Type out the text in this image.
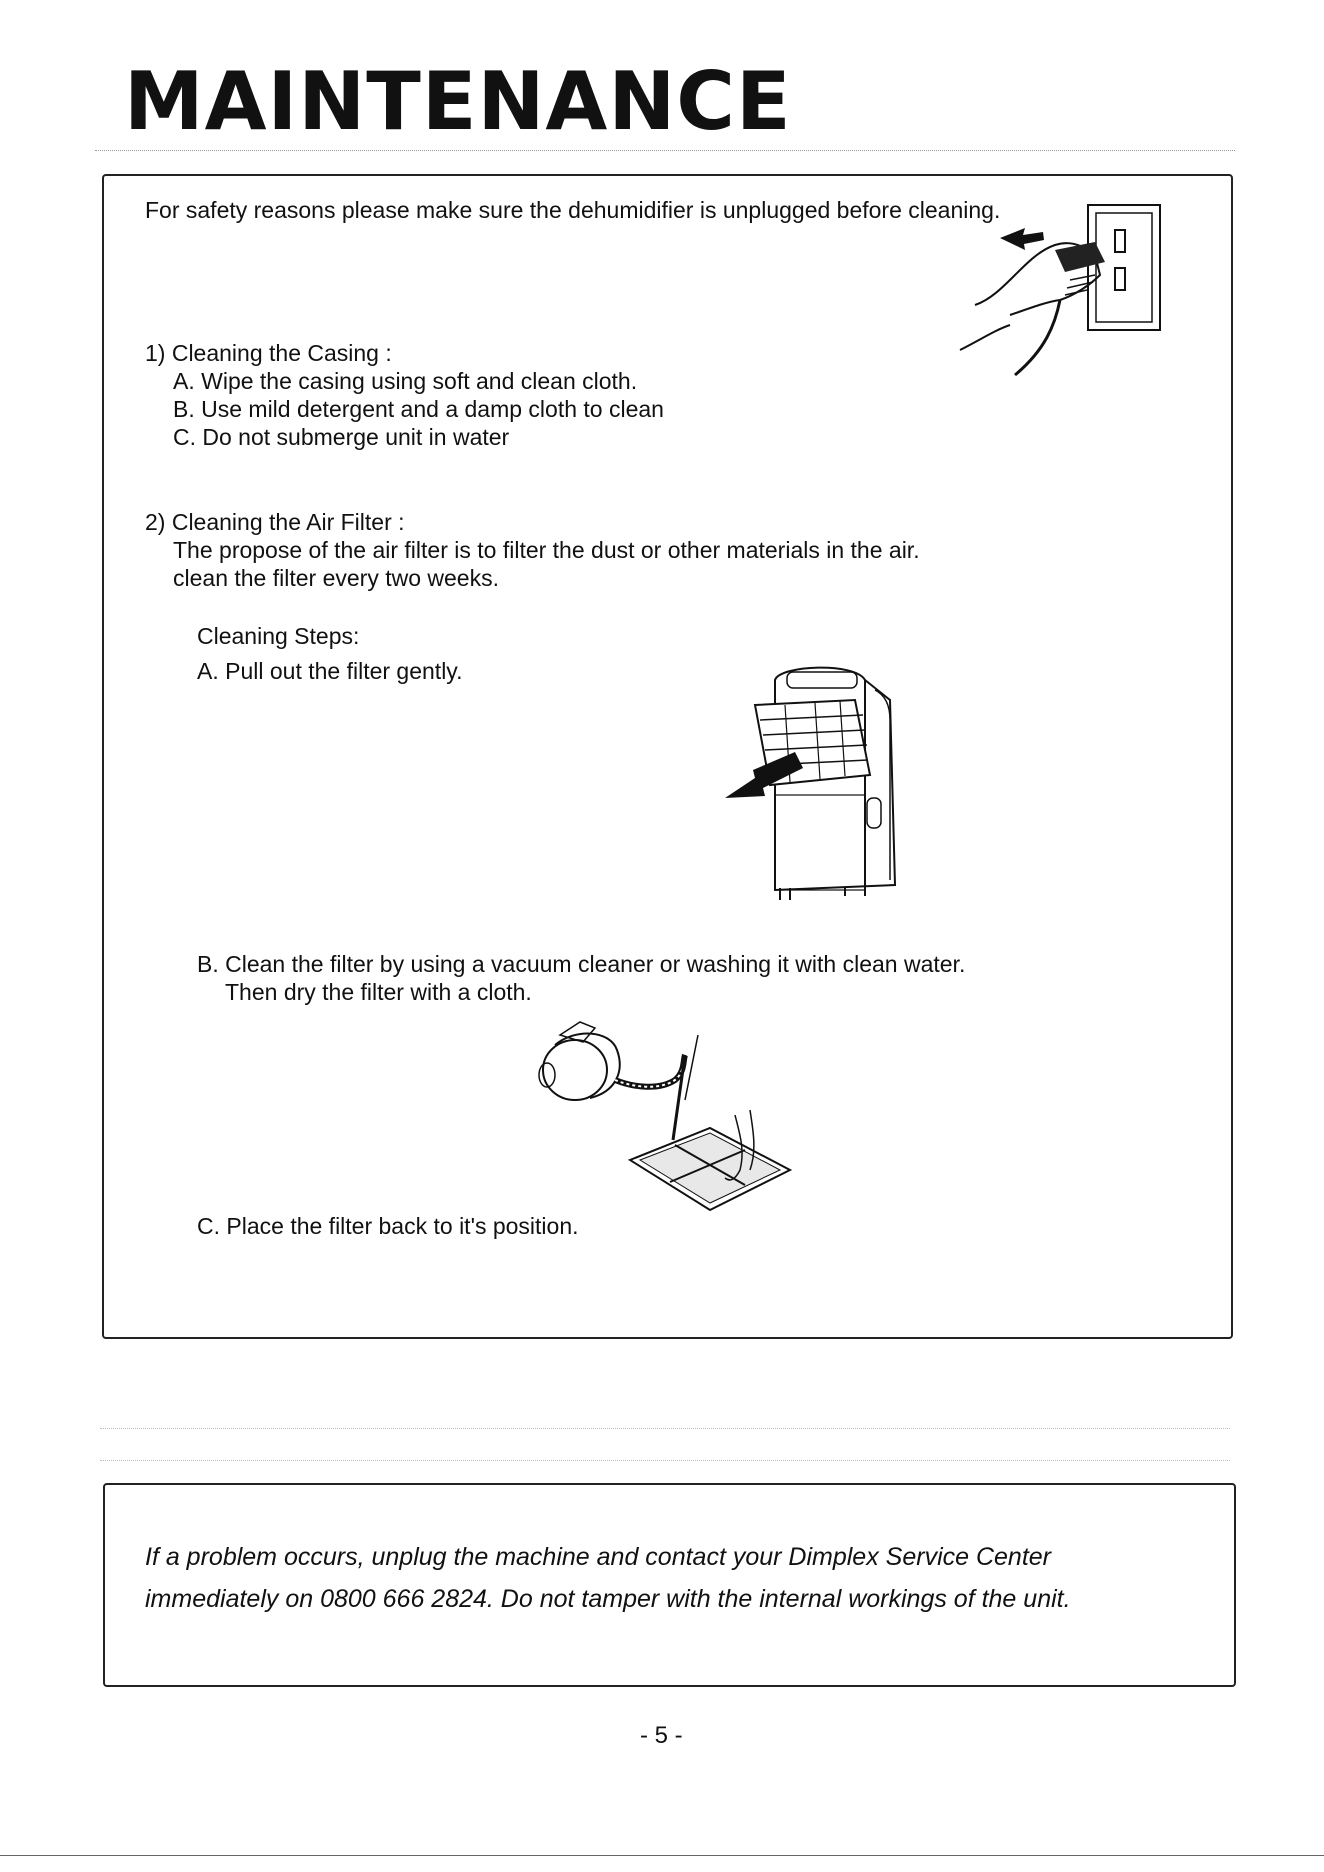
MAINTENANCE
For safety reasons please make sure the dehumidifier is unplugged before cleaning.
1) Cleaning the Casing :
A. Wipe the casing using soft and clean cloth.
B. Use mild detergent and a damp cloth to clean
C. Do not submerge unit in water
2) Cleaning the Air Filter :
The propose of the air filter is to filter the dust or other materials in the air.
clean the filter every two weeks.
Cleaning Steps:
A. Pull out the filter gently.
B. Clean the filter by using a vacuum cleaner or washing it with clean water.
Then dry the filter with a cloth.
C. Place the filter back to it's position.
If a problem occurs, unplug the machine and contact your Dimplex Service Center
immediately on 0800 666 2824. Do not tamper with the internal workings of the unit.
- 5 -
